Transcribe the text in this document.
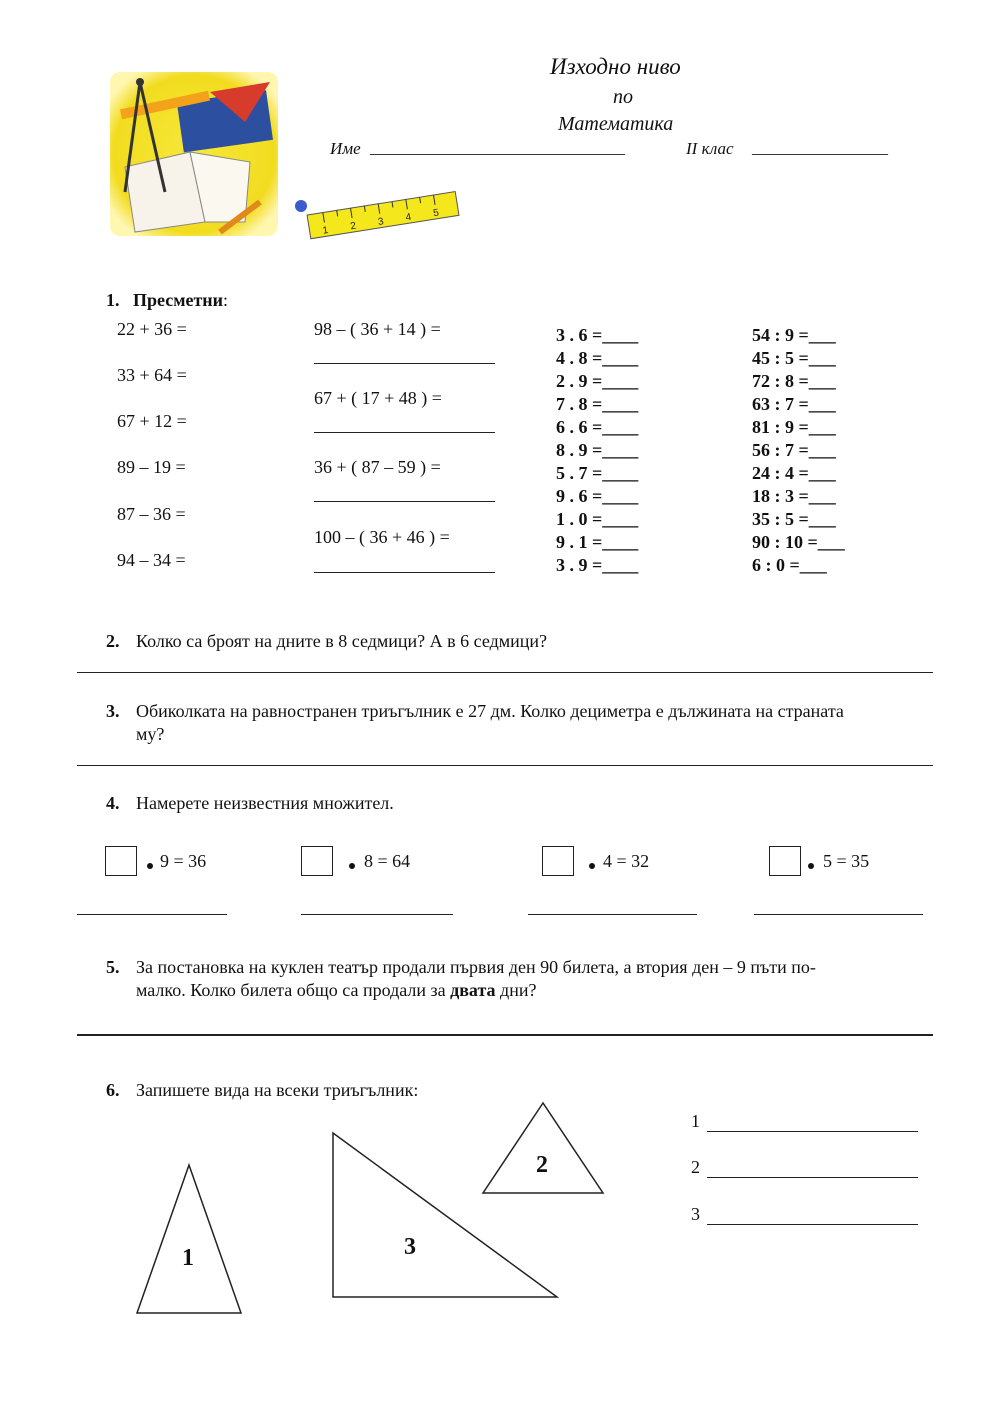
Изходно ниво
по
Математика
Име ______________________________	II клас ________________
1 2 3 4 5
1. Пресметни:
22 + 36 =
33 + 64 =
67 + 12 =
89 – 19 =
87 – 36 =
94 – 34 =
98 – ( 36 + 14 ) =
67 + ( 17 + 48 ) =
36 + ( 87 – 59 ) =
100 – ( 36 + 46 ) =
3 . 6 =____
4 . 8 =____
2 . 9 =____
7 . 8 =____
6 . 6 =____
8 . 9 =____
5 . 7 =____
9 . 6 =____
1 . 0 =____
9 . 1 =____
3 . 9 =____
54 : 9 =___
45 : 5 =___
72 : 8 =___
63 : 7 =___
81 : 9 =___
56 : 7 =___
24 : 4 =___
18 : 3 =___
35 : 5 =___
90 : 10 =___
6 : 0 =___
2. Колко са броят на дните в 8 седмици? А в 6 седмици?
3. Обиколката на равностранен триъгълник е 27 дм. Колко дециметра е дължината на страната
му?
4. Намерете неизвестния множител.
9 = 36	8 = 64	4 = 32	5 = 35
5. За постановка на куклен театър продали първия ден 90 билета, а втория ден – 9 пъти по-
малко. Колко билета общо са продали за двата дни?
6. Запишете вида на всеки триъгълник:
1	3
2
1
2
3
